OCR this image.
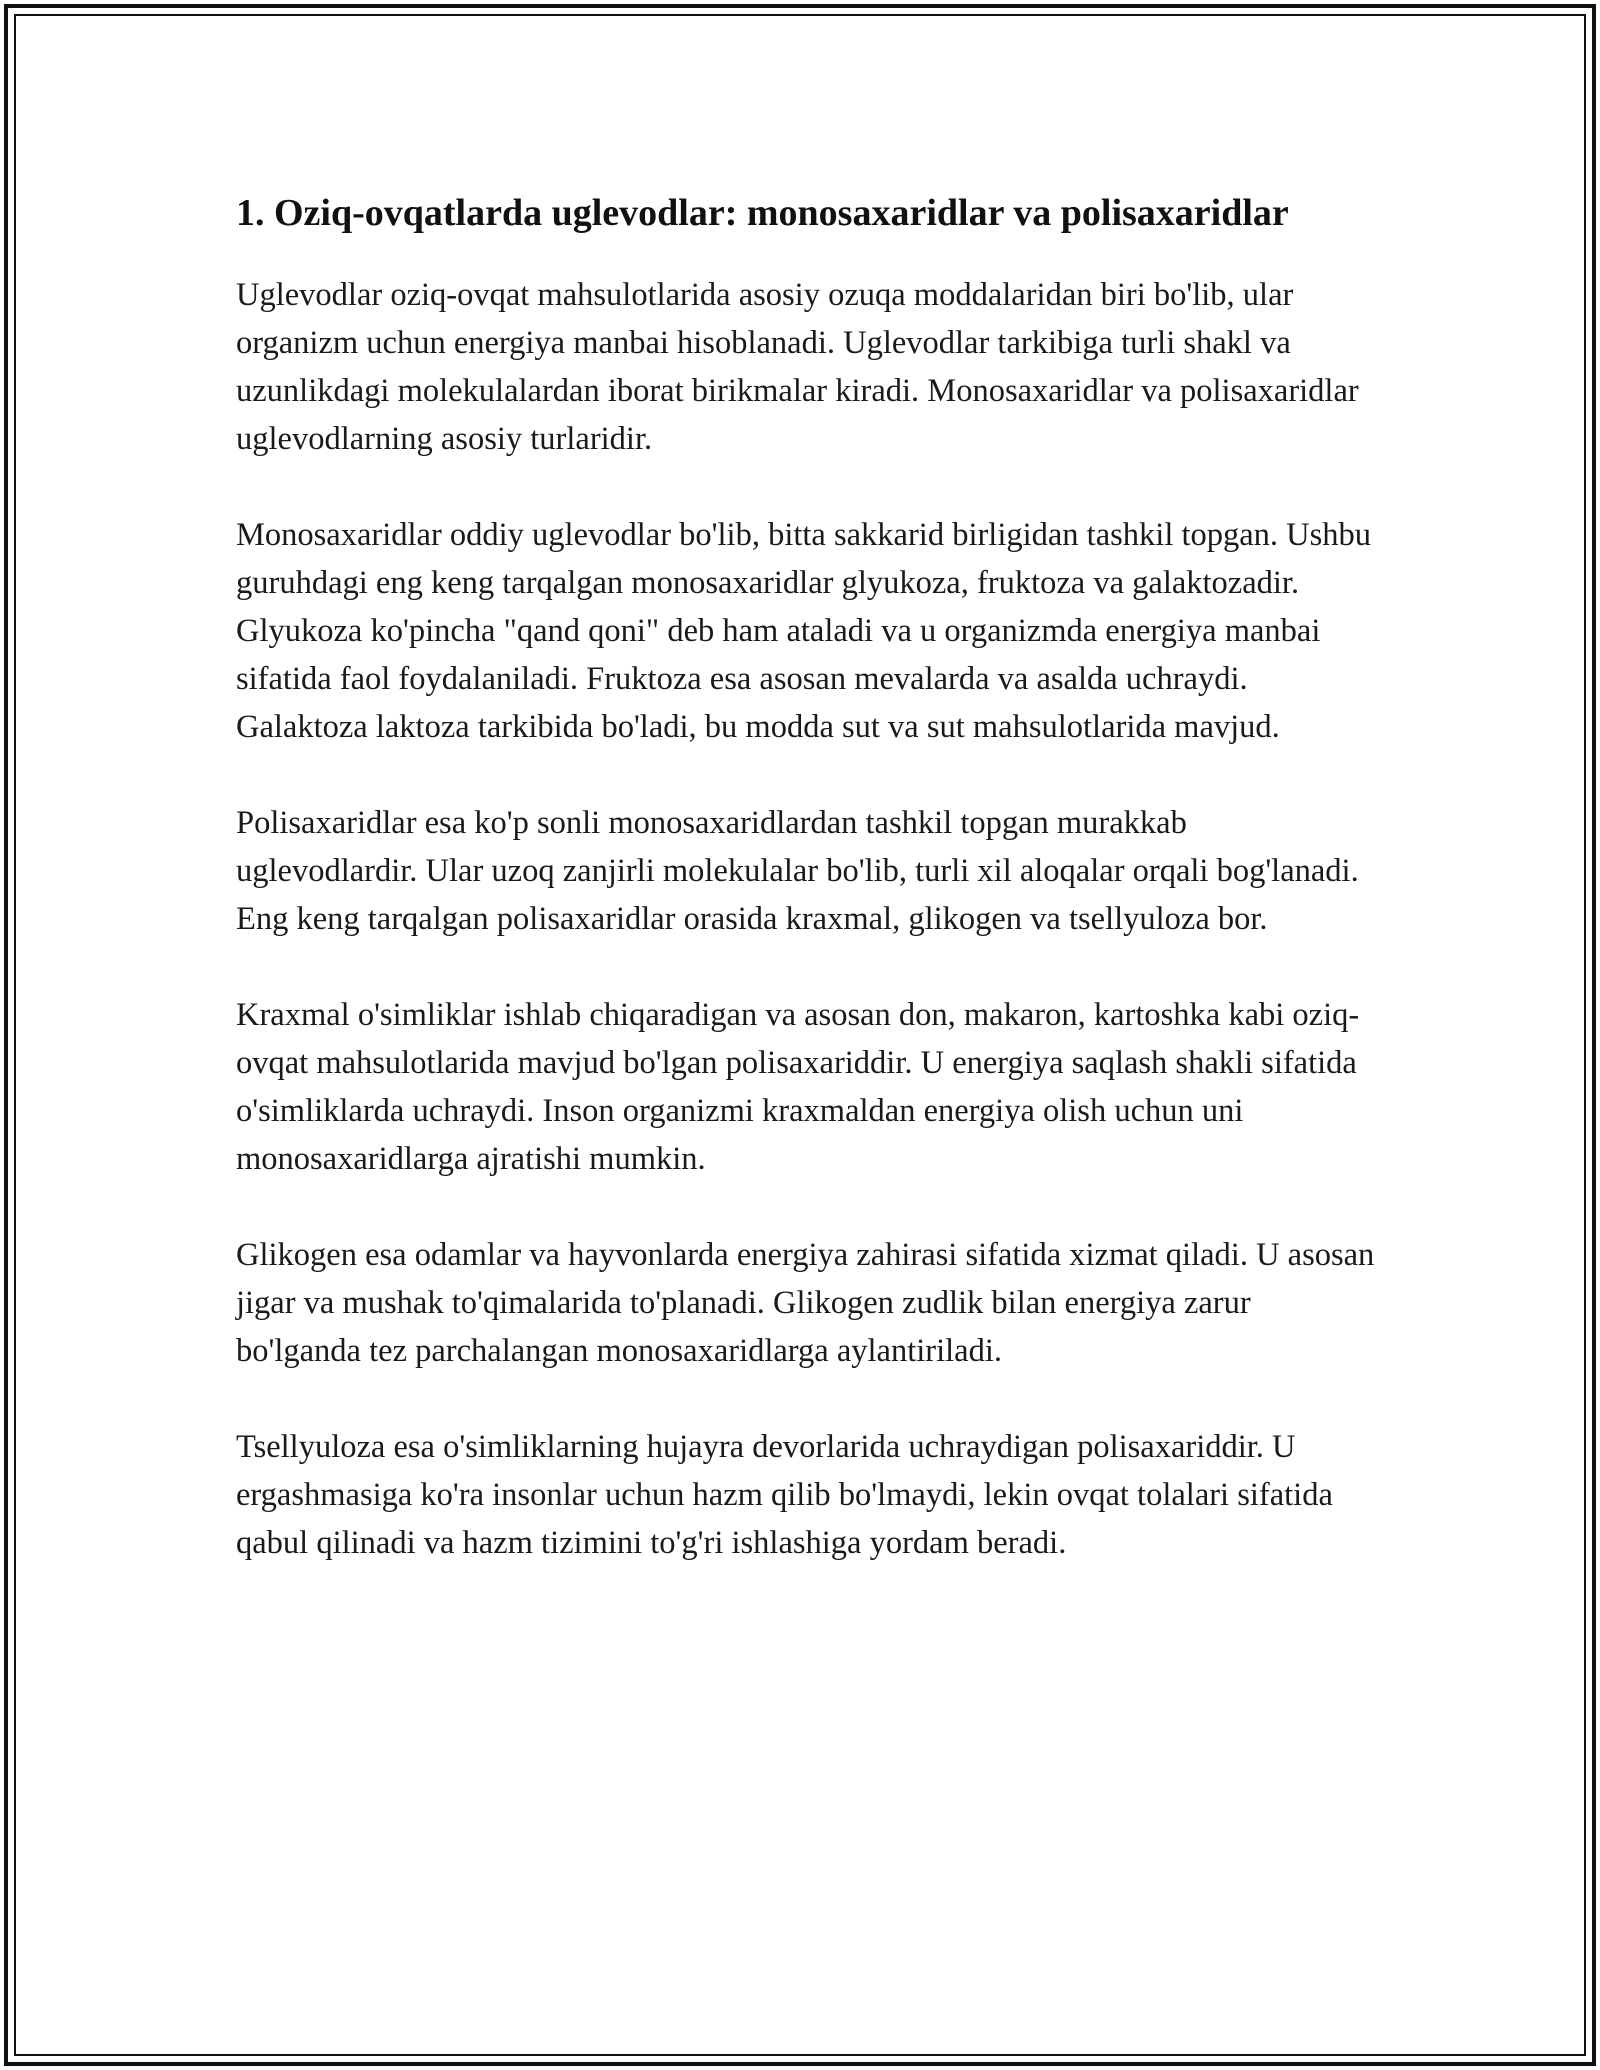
1. Oziq-ovqatlarda uglevodlar: monosaxaridlar va polisaxaridlar

Uglevodlar oziq-ovqat mahsulotlarida asosiy ozuqa moddalaridan biri bo'lib, ular organizm uchun energiya manbai hisoblanadi. Uglevodlar tarkibiga turli shakl va uzunlikdagi molekulalardan iborat birikmalar kiradi. Monosaxaridlar va polisaxaridlar uglevodlarning asosiy turlaridir.

Monosaxaridlar oddiy uglevodlar bo'lib, bitta sakkarid birligidan tashkil topgan. Ushbu guruhdagi eng keng tarqalgan monosaxaridlar glyukoza, fruktoza va galaktozadir. Glyukoza ko'pincha "qand qoni" deb ham ataladi va u organizmda energiya manbai sifatida faol foydalaniladi. Fruktoza esa asosan mevalarda va asalda uchraydi. Galaktoza laktoza tarkibida bo'ladi, bu modda sut va sut mahsulotlarida mavjud.

Polisaxaridlar esa ko'p sonli monosaxaridlardan tashkil topgan murakkab uglevodlardir. Ular uzoq zanjirli molekulalar bo'lib, turli xil aloqalar orqali bog'lanadi. Eng keng tarqalgan polisaxaridlar orasida kraxmal, glikogen va tsellyuloza bor.

Kraxmal o'simliklar ishlab chiqaradigan va asosan don, makaron, kartoshka kabi oziq-ovqat mahsulotlarida mavjud bo'lgan polisaxariddir. U energiya saqlash shakli sifatida o'simliklarda uchraydi. Inson organizmi kraxmaldan energiya olish uchun uni monosaxaridlarga ajratishi mumkin.

Glikogen esa odamlar va hayvonlarda energiya zahirasi sifatida xizmat qiladi. U asosan jigar va mushak to'qimalarida to'planadi. Glikogen zudlik bilan energiya zarur bo'lganda tez parchalangan monosaxaridlarga aylantiriladi.

Tsellyuloza esa o'simliklarning hujayra devorlarida uchraydigan polisaxariddir. U ergashmasiga ko'ra insonlar uchun hazm qilib bo'lmaydi, lekin ovqat tolalari sifatida qabul qilinadi va hazm tizimini to'g'ri ishlashiga yordam beradi.
